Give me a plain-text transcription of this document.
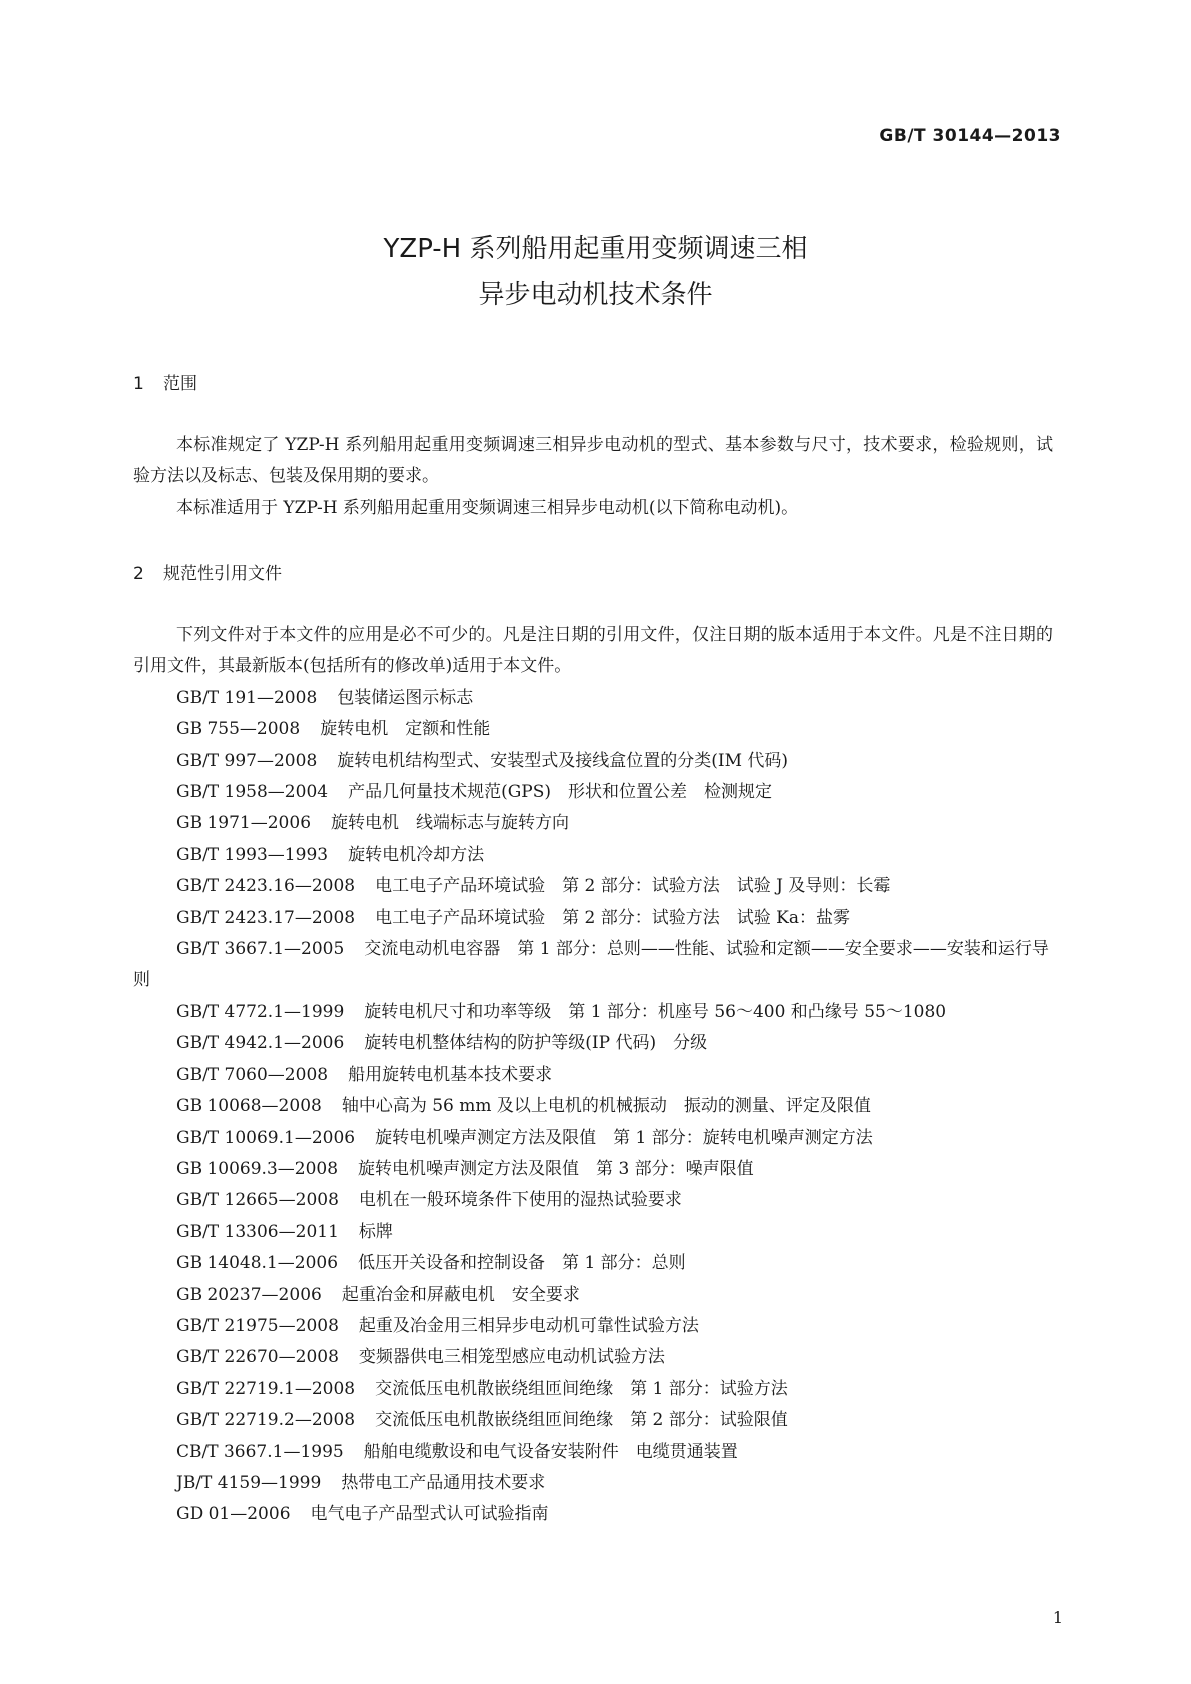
GB/T 30144—2013
YZP-H 系列船用起重用变频调速三相
异步电动机技术条件
1 范围

本标准规定了 YZP-H 系列船用起重用变频调速三相异步电动机的型式、基本参数与尺寸，技术要求，检验规则，试验方法以及标志、包装及保用期的要求。

本标准适用于 YZP-H 系列船用起重用变频调速三相异步电动机(以下简称电动机)。

2 规范性引用文件

下列文件对于本文件的应用是必不可少的。凡是注日期的引用文件，仅注日期的版本适用于本文件。凡是不注日期的引用文件，其最新版本(包括所有的修改单)适用于本文件。

GB/T 191—2008 包装储运图示标志
GB 755—2008 旋转电机　定额和性能
GB/T 997—2008 旋转电机结构型式、安装型式及接线盒位置的分类(IM 代码)
GB/T 1958—2004 产品几何量技术规范(GPS)　形状和位置公差　检测规定
GB 1971—2006 旋转电机　线端标志与旋转方向
GB/T 1993—1993 旋转电机冷却方法
GB/T 2423.16—2008 电工电子产品环境试验　第 2 部分：试验方法　试验 J 及导则：长霉
GB/T 2423.17—2008 电工电子产品环境试验　第 2 部分：试验方法　试验 Ka：盐雾
GB/T 3667.1—2005 交流电动机电容器　第 1 部分：总则——性能、试验和定额——安全要求——安装和运行导则
GB/T 4772.1—1999 旋转电机尺寸和功率等级　第 1 部分：机座号 56～400 和凸缘号 55～1080
GB/T 4942.1—2006 旋转电机整体结构的防护等级(IP 代码)　分级
GB/T 7060—2008 船用旋转电机基本技术要求
GB 10068—2008 轴中心高为 56 mm 及以上电机的机械振动　振动的测量、评定及限值
GB/T 10069.1—2006 旋转电机噪声测定方法及限值　第 1 部分：旋转电机噪声测定方法
GB 10069.3—2008 旋转电机噪声测定方法及限值　第 3 部分：噪声限值
GB/T 12665—2008 电机在一般环境条件下使用的湿热试验要求
GB/T 13306—2011 标牌
GB 14048.1—2006 低压开关设备和控制设备　第 1 部分：总则
GB 20237—2006 起重冶金和屏蔽电机　安全要求
GB/T 21975—2008 起重及冶金用三相异步电动机可靠性试验方法
GB/T 22670—2008 变频器供电三相笼型感应电动机试验方法
GB/T 22719.1—2008 交流低压电机散嵌绕组匝间绝缘　第 1 部分：试验方法
GB/T 22719.2—2008 交流低压电机散嵌绕组匝间绝缘　第 2 部分：试验限值
CB/T 3667.1—1995 船舶电缆敷设和电气设备安装附件　电缆贯通装置
JB/T 4159—1999 热带电工产品通用技术要求
GD 01—2006 电气电子产品型式认可试验指南
1
